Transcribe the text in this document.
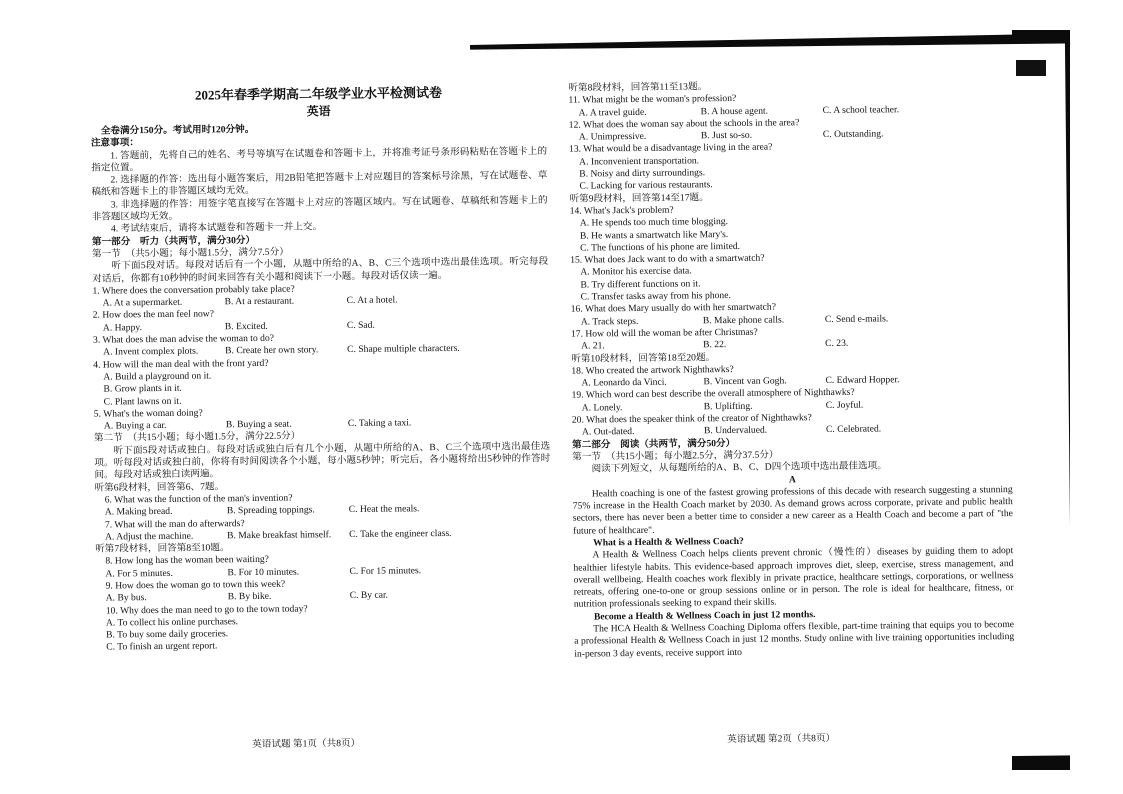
2025年春季学期高二年级学业水平检测试卷
英语
全卷满分150分。考试用时120分钟。
注意事项：
1. 答题前，先将自己的姓名、考号等填写在试题卷和答题卡上，并将准考证号条形码粘贴在答题卡上的指定位置。
2. 选择题的作答：选出每小题答案后，用2B铅笔把答题卡上对应题目的答案标号涂黑，写在试题卷、草稿纸和答题卡上的非答题区域均无效。
3. 非选择题的作答：用签字笔直接写在答题卡上对应的答题区域内。写在试题卷、草稿纸和答题卡上的非答题区域均无效。
4. 考试结束后，请将本试题卷和答题卡一并上交。
第一部分　听力（共两节，满分30分）
第一节　（共5小题；每小题1.5分，满分7.5分）
听下面5段对话。每段对话后有一个小题，从题中所给的A、B、C三个选项中选出最佳选项。听完每段对话后，你都有10秒钟的时间来回答有关小题和阅读下一小题。每段对话仅读一遍。
1. Where does the conversation probably take place?
A. At a supermarket.	B. At a restaurant.	C. At a hotel.
2. How does the man feel now?
A. Happy.	B. Excited.	C. Sad.
3. What does the man advise the woman to do?
A. Invent complex plots.	B. Create her own story.	C. Shape multiple characters.
4. How will the man deal with the front yard?
A. Build a playground on it.
B. Grow plants in it.
C. Plant lawns on it.
5. What's the woman doing?
A. Buying a car.	B. Buying a seat.	C. Taking a taxi.
第二节　（共15小题；每小题1.5分，满分22.5分）
听下面5段对话或独白。每段对话或独白后有几个小题，从题中所给的A、B、C三个选项中选出最佳选项。听每段对话或独白前，你将有时间阅读各个小题，每小题5秒钟；听完后，各小题将给出5秒钟的作答时间。每段对话或独白读两遍。
听第6段材料，回答第6、7题。
6. What was the function of the man's invention?
A. Making bread.	B. Spreading toppings.	C. Heat the meals.
7. What will the man do afterwards?
A. Adjust the machine.	B. Make breakfast himself.	C. Take the engineer class.
听第7段材料，回答第8至10题。
8. How long has the woman been waiting?
A. For 5 minutes.	B. For 10 minutes.	C. For 15 minutes.
9. How does the woman go to town this week?
A. By bus.	B. By bike.	C. By car.
10. Why does the man need to go to the town today?
A. To collect his online purchases.
B. To buy some daily groceries.
C. To finish an urgent report.
听第8段材料，回答第11至13题。
11. What might be the woman's profession?
A. A travel guide.	B. A house agent.	C. A school teacher.
12. What does the woman say about the schools in the area?
A. Unimpressive.	B. Just so-so.	C. Outstanding.
13. What would be a disadvantage living in the area?
A. Inconvenient transportation.
B. Noisy and dirty surroundings.
C. Lacking for various restaurants.
听第9段材料，回答第14至17题。
14. What's Jack's problem?
A. He spends too much time blogging.
B. He wants a smartwatch like Mary's.
C. The functions of his phone are limited.
15. What does Jack want to do with a smartwatch?
A. Monitor his exercise data.
B. Try different functions on it.
C. Transfer tasks away from his phone.
16. What does Mary usually do with her smartwatch?
A. Track steps.	B. Make phone calls.	C. Send e-mails.
17. How old will the woman be after Christmas?
A. 21.	B. 22.	C. 23.
听第10段材料，回答第18至20题。
18. Who created the artwork Nighthawks?
A. Leonardo da Vinci.	B. Vincent van Gogh.	C. Edward Hopper.
19. Which word can best describe the overall atmosphere of Nighthawks?
A. Lonely.	B. Uplifting.	C. Joyful.
20. What does the speaker think of the creator of Nighthawks?
A. Out-dated.	B. Undervalued.	C. Celebrated.
第二部分　阅读（共两节，满分50分）
第一节　（共15小题；每小题2.5分，满分37.5分）
阅读下列短文，从每题所给的A、B、C、D四个选项中选出最佳选项。
A
Health coaching is one of the fastest growing professions of this decade with research suggesting a stunning 75% increase in the Health Coach market by 2030. As demand grows across corporate, private and public health sectors, there has never been a better time to consider a new career as a Health Coach and become a part of "the future of healthcare".
What is a Health & Wellness Coach?
A Health & Wellness Coach helps clients prevent chronic（慢性的）diseases by guiding them to adopt healthier lifestyle habits. This evidence-based approach improves diet, sleep, exercise, stress management, and overall wellbeing. Health coaches work flexibly in private practice, healthcare settings, corporations, or wellness retreats, offering one-to-one or group sessions online or in person. The role is ideal for healthcare, fitness, or nutrition professionals seeking to expand their skills.
Become a Health & Wellness Coach in just 12 months.
The HCA Health & Wellness Coaching Diploma offers flexible, part-time training that equips you to become a professional Health & Wellness Coach in just 12 months. Study online with live training opportunities including in-person 3 day events, receive support into
英语试题 第1页（共8页）	英语试题 第2页（共8页）
